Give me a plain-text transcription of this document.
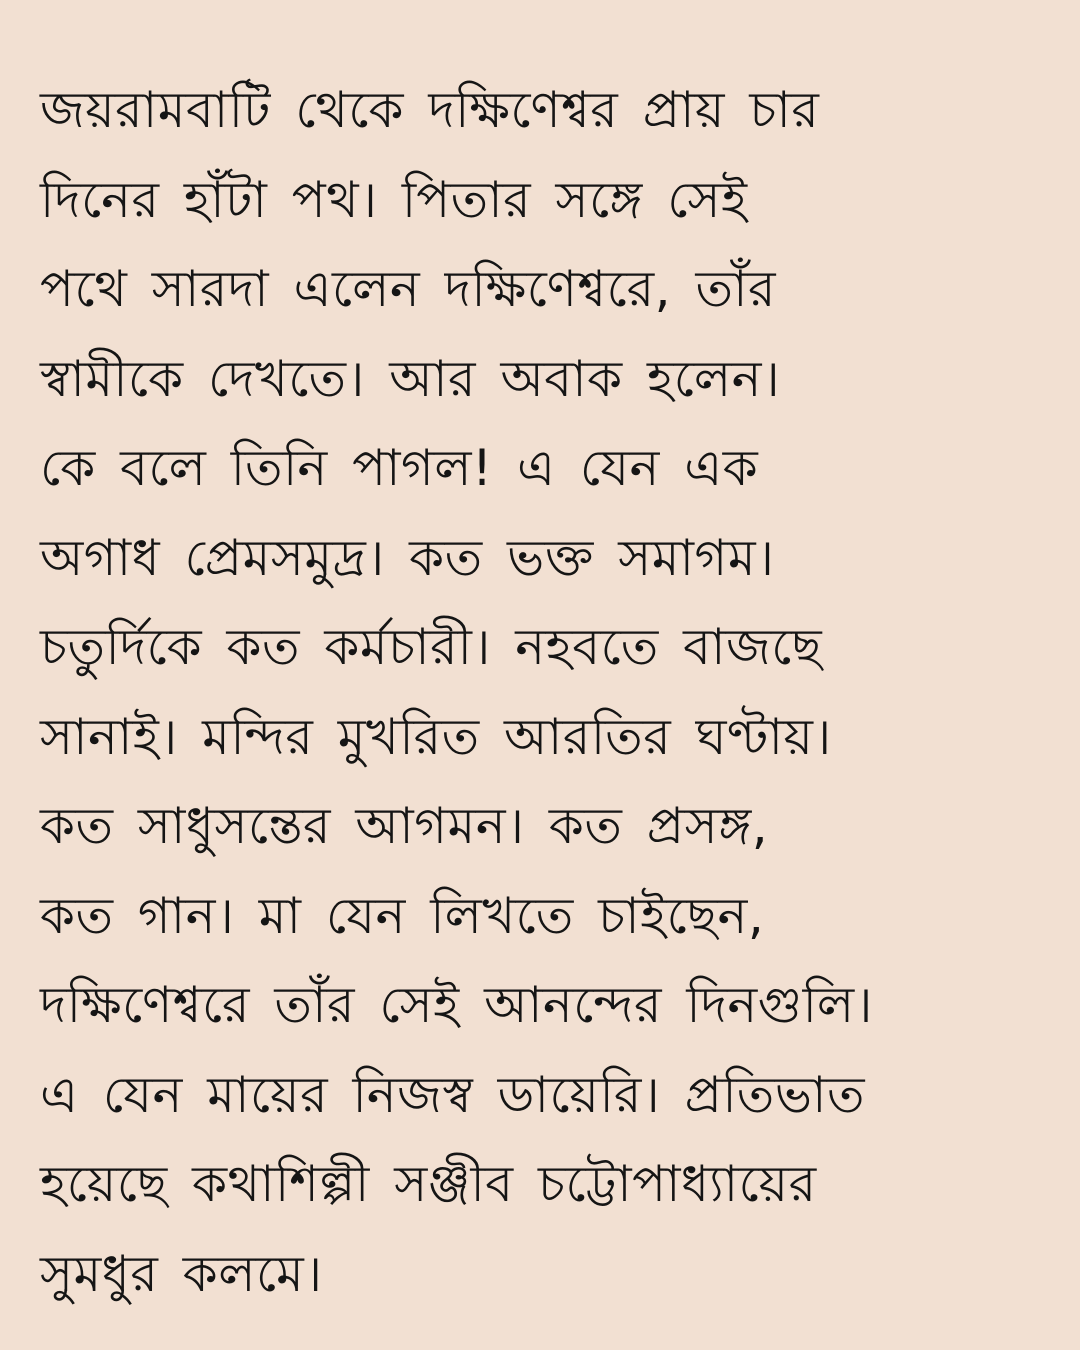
জয়রামবাটি থেকে দক্ষিণেশ্বর প্রায় চার
দিনের হাঁটা পথ। পিতার সঙ্গে সেই
পথে সারদা এলেন দক্ষিণেশ্বরে, তাঁর
স্বামীকে দেখতে। আর অবাক হলেন।
কে বলে তিনি পাগল! এ যেন এক
অগাধ প্রেমসমুদ্র। কত ভক্ত সমাগম।
চতুর্দিকে কত কর্মচারী। নহবতে বাজছে
সানাই। মন্দির মুখরিত আরতির ঘণ্টায়।
কত সাধুসন্তের আগমন। কত প্রসঙ্গ,
কত গান। মা যেন লিখতে চাইছেন,
দক্ষিণেশ্বরে তাঁর সেই আনন্দের দিনগুলি।
এ যেন মায়ের নিজস্ব ডায়েরি। প্রতিভাত
হয়েছে কথাশিল্পী সঞ্জীব চট্টোপাধ্যায়ের
সুমধুর কলমে।
